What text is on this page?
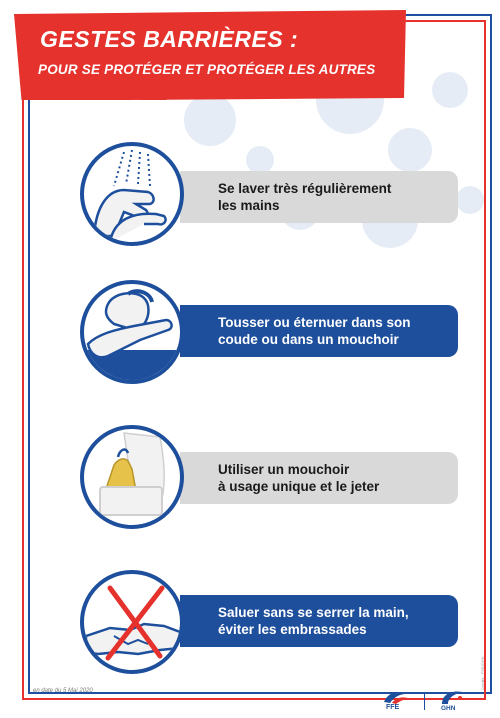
GESTES BARRIÈRES :
POUR SE PROTÉGER ET PROTÉGER LES AUTRES
Se laver très régulièrement
les mains
Tousser ou éternuer dans son
coude ou dans un mouchoir
Utiliser un mouchoir
à usage unique et le jeter
Saluer sans se serrer la main,
éviter les embrassades
en date du 5 Mai 2020
FFE	GHN
Crédits : FFE/GHN
